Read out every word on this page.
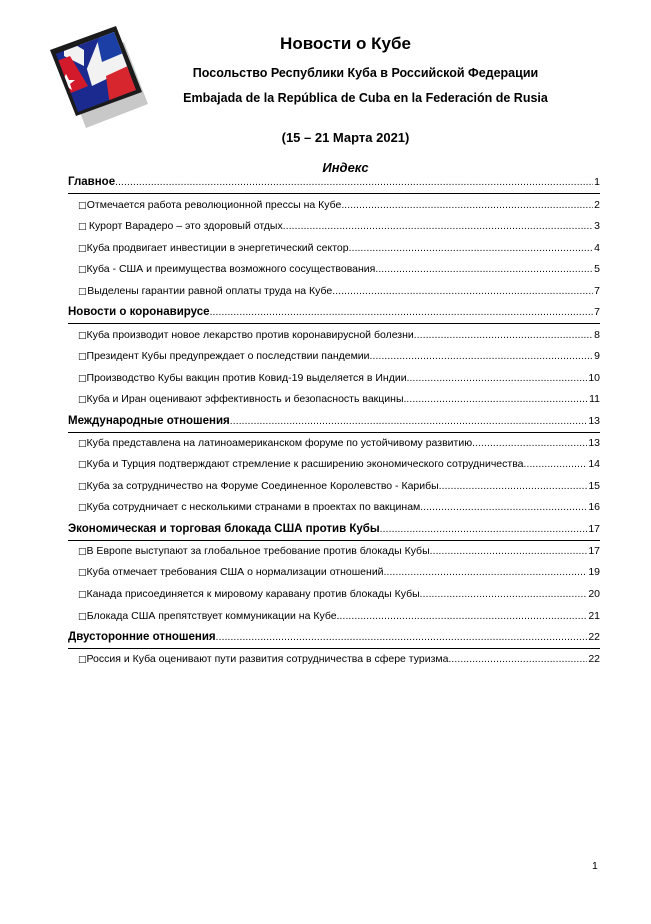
Новости о Кубе
Посольство Республики Куба в Российской Федерации
Embajada de la República de Cuba en la Federación de Rusia
(15 – 21 Марта 2021)
Индекс
Главное .....	1
□
Отмечается работа революционной прессы на Кубе. .....	2
□
Курорт Варадеро – это здоровый отдых .....	3
□
Куба продвигает инвестиции в энергетический сектор .....	4
□
Куба - США и преимущества возможного сосуществования .....	5
□
Выделены гарантии равной оплаты труда на Кубе .....	7
Новости о коронавирусе .....	7
□
Куба производит новое лекарство против коронавирусной болезни .....	8
□
Президент Кубы предупреждает о последствии пандемии .....	9
□
Производство Кубы вакцин против Ковид-19 выделяется в Индии .....	10
□
Куба и Иран оценивают эффективность и безопасность вакцины. .....	11
Международные отношения .....	13
□
Куба представлена на латиноамериканском форуме по устойчивому развитию .....	13
□
Куба и Турция подтверждают стремление к расширению экономического сотрудничества .....	14
□
Куба за сотрудничество на Форуме Соединенное Королевство - Карибы .....	15
□
Куба сотрудничает с несколькими странами в проектах по вакцинам .....	16
Экономическая и торговая блокада США против Кубы .....	17
□
В Европе выступают за глобальное требование против блокады Кубы .....	17
□
Куба отмечает требования США о нормализации отношений .....	19
□
Канада присоединяется к мировому каравану против блокады Кубы .....	20
□
Блокада США препятствует коммуникации на Кубе. .....	21
Двусторонние отношения .....	22
□
Россия и Куба оценивают пути развития сотрудничества в сфере туризма .....	22
1
